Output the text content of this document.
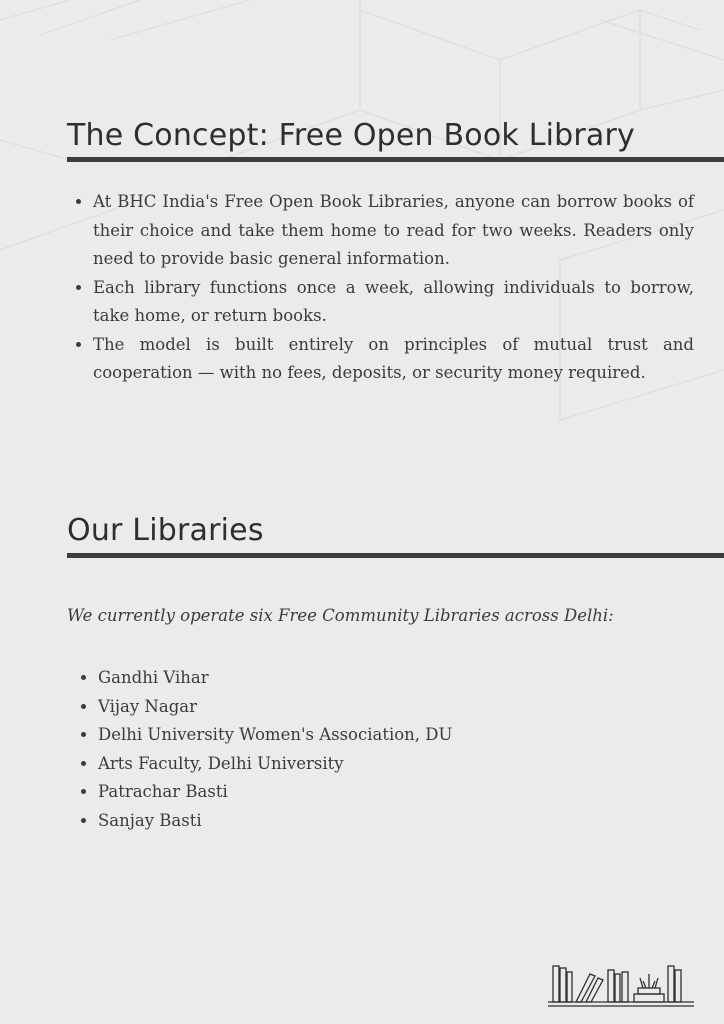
The Concept: Free Open Book Library
• At BHC India's Free Open Book Libraries, anyone can borrow books of their choice and take them home to read for two weeks. Readers only need to provide basic general information.
• Each library functions once a week, allowing individuals to borrow, take home, or return books.
• The model is built entirely on principles of mutual trust and cooperation — with no fees, deposits, or security money required.
Our Libraries

We currently operate six Free Community Libraries across Delhi:

• Gandhi Vihar
• Vijay Nagar
• Delhi University Women's Association, DU
• Arts Faculty, Delhi University
• Patrachar Basti
• Sanjay Basti
